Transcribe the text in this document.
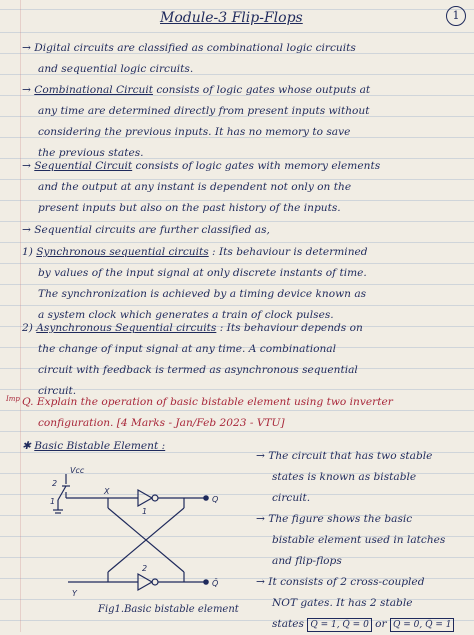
Module-3 Flip-Flops	1
→ Digital circuits are classified as combinational logic circuits
and sequential logic circuits.
→ Combinational Circuit consists of logic gates whose outputs at
any time are determined directly from present inputs without
considering the previous inputs. It has no memory to save
the previous states.
→ Sequential Circuit consists of logic gates with memory elements
and the output at any instant is dependent not only on the
present inputs but also on the past history of the inputs.
→ Sequential circuits are further classified as,
1) Synchronous sequential circuits : Its behaviour is determined
by values of the input signal at only discrete instants of time.
The synchronization is achieved by a timing device known as
a system clock which generates a train of clock pulses.
2) Asynchronous Sequential circuits : Its behaviour depends on
the change of input signal at any time. A combinational
circuit with feedback is termed as asynchronous sequential
circuit.
Imp Q. Explain the operation of basic bistable element using two inverter
configuration. [4 Marks - Jan/Feb 2023 - VTU]
✱ Basic Bistable Element :
→ The circuit that has two stable
states is known as bistable
circuit.
→ The figure shows the basic
bistable element used in latches
and flip-flops
→ It consists of 2 cross-coupled
NOT gates. It has 2 stable
states Q = 1, Q̄ = 0 or Q = 0, Q̄ = 1
Vcc
2
1
X
Y
1
2
Q
Q̄
Fig1.Basic bistable element
